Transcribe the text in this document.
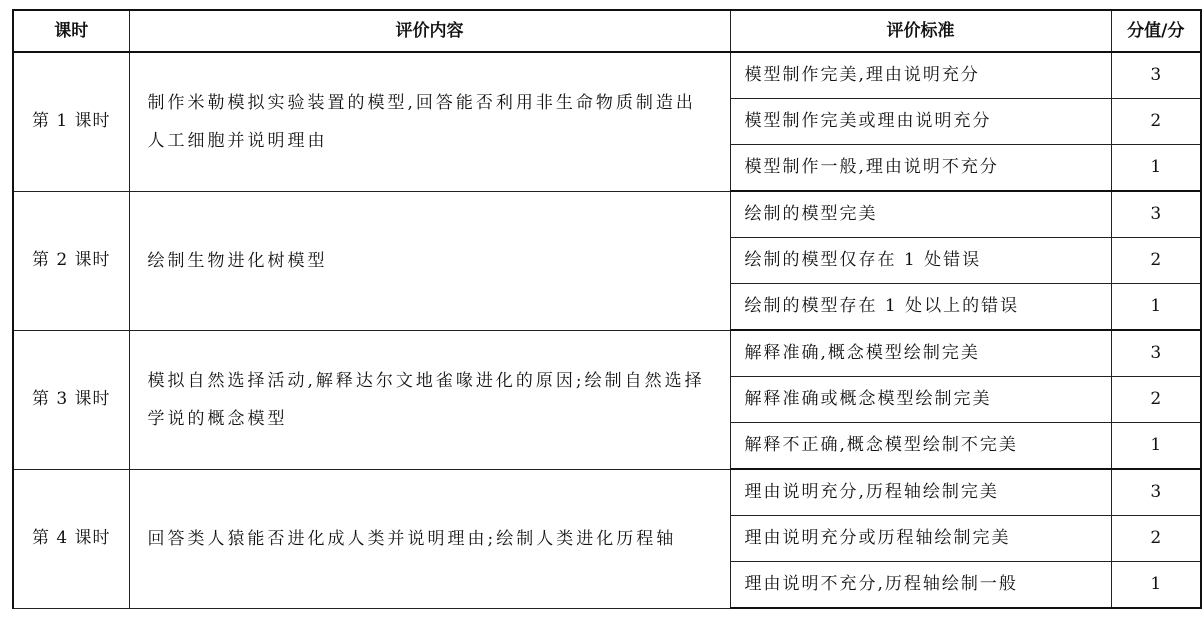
课时	评价内容	评价标准	分值/分
第 1 课时	制作米勒模拟实验装置的模型,回答能否利用非生命物质制造出人工细胞并说明理由	模型制作完美,理由说明充分	3
		模型制作完美或理由说明充分	2
		模型制作一般,理由说明不充分	1
第 2 课时	绘制生物进化树模型	绘制的模型完美	3
		绘制的模型仅存在 1 处错误	2
		绘制的模型存在 1 处以上的错误	1
第 3 课时	模拟自然选择活动,解释达尔文地雀喙进化的原因;绘制自然选择学说的概念模型	解释准确,概念模型绘制完美	3
		解释准确或概念模型绘制完美	2
		解释不正确,概念模型绘制不完美	1
第 4 课时	回答类人猿能否进化成人类并说明理由;绘制人类进化历程轴	理由说明充分,历程轴绘制完美	3
		理由说明充分或历程轴绘制完美	2
		理由说明不充分,历程轴绘制一般	1
